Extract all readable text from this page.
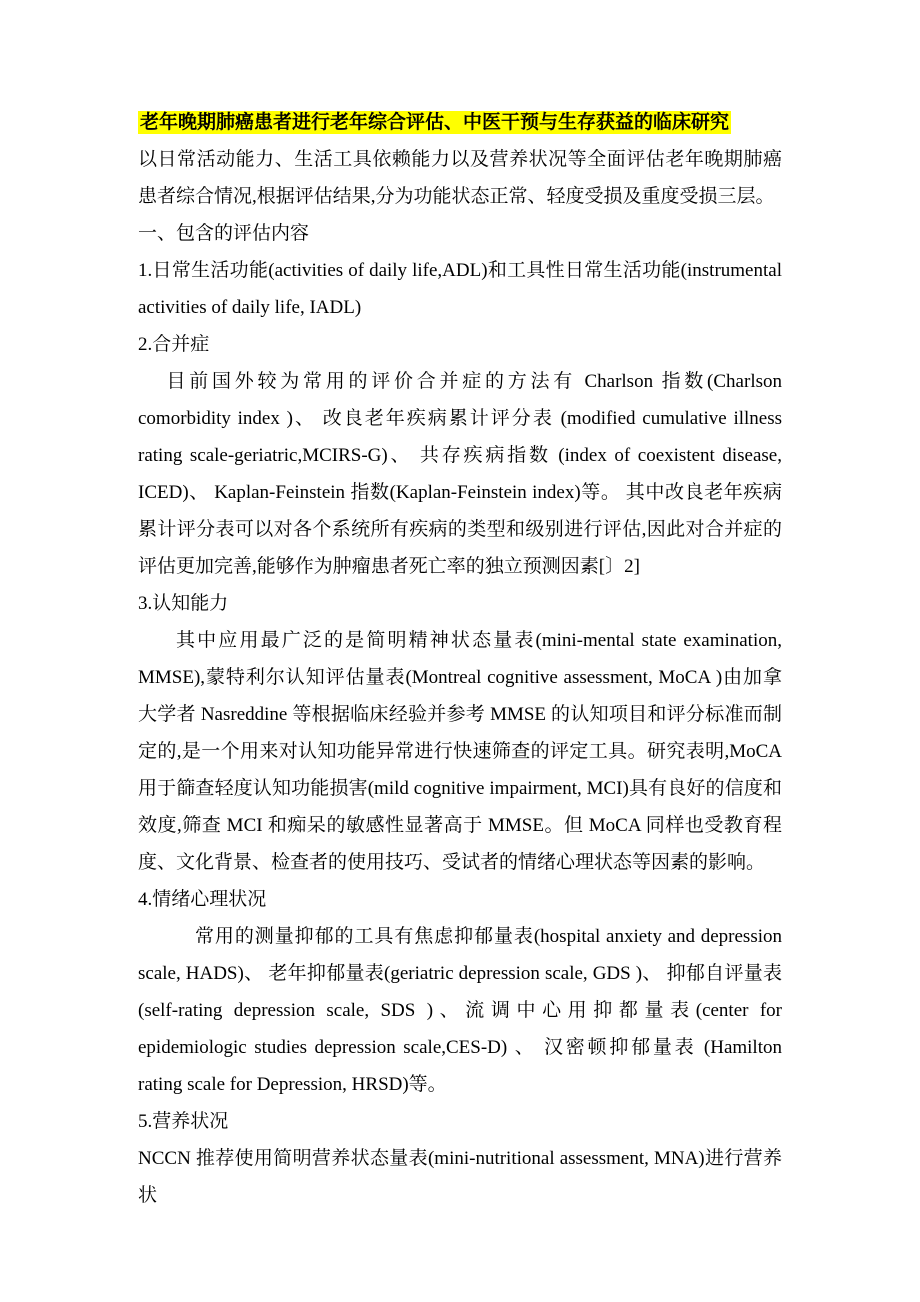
老年晚期肺癌患者进行老年综合评估、中医干预与生存获益的临床研究

以日常活动能力、生活工具依赖能力以及营养状况等全面评估老年晚期肺癌患者综合情况,根据评估结果,分为功能状态正常、轻度受损及重度受损三层。

一、包含的评估内容

1.日常生活功能(activities of daily life,ADL)和工具性日常生活功能(instrumental activities of daily life, IADL)

2.合并症

目前国外较为常用的评价合并症的方法有 Charlson 指数(Charlson comorbidity index )、 改良老年疾病累计评分表 (modified cumulative illness rating scale-geriatric,MCIRS-G)、 共存疾病指数 (index of coexistent disease, ICED)、 Kaplan-Feinstein 指数(Kaplan-Feinstein index)等。 其中改良老年疾病累计评分表可以对各个系统所有疾病的类型和级别进行评估,因此对合并症的评估更加完善,能够作为肿瘤患者死亡率的独立预测因素[〕2]

3.认知能力

其中应用最广泛的是简明精神状态量表(mini-mental state examination, MMSE),蒙特利尔认知评估量表(Montreal cognitive assessment, MoCA )由加拿大学者 Nasreddine 等根据临床经验并参考 MMSE 的认知项目和评分标准而制定的,是一个用来对认知功能异常进行快速筛查的评定工具。研究表明,MoCA 用于篩查轻度认知功能损害(mild cognitive impairment, MCI)具有良好的信度和效度,筛查 MCI 和痴呆的敏感性显著高于 MMSE。但 MoCA 同样也受教育程度、文化背景、检查者的使用技巧、受试者的情绪心理状态等因素的影响。

4.情绪心理状况

常用的测量抑郁的工具有焦虑抑郁量表(hospital anxiety and depression scale, HADS)、 老年抑郁量表(geriatric depression scale, GDS )、 抑郁自评量表(self-rating depression scale, SDS )、流调中心用抑都量表(center for epidemiologic studies depression scale,CES-D) 、 汉密顿抑郁量表 (Hamilton rating scale for Depression, HRSD)等。

5.营养状况

NCCN 推荐使用简明营养状态量表(mini-nutritional assessment, MNA)进行营养状
